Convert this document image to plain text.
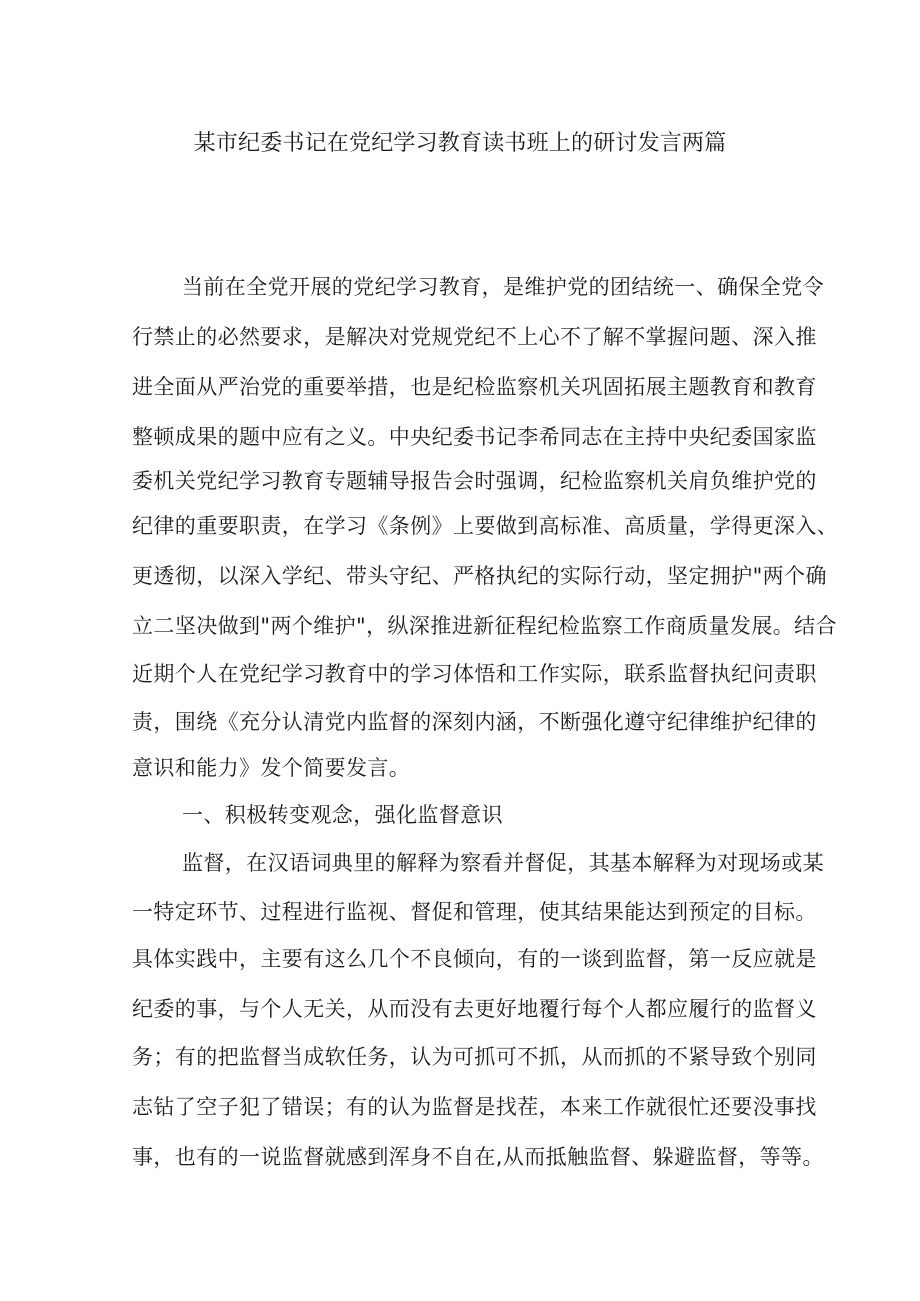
某市纪委书记在党纪学习教育读书班上的研讨发言两篇
当前在全党开展的党纪学习教育，是维护党的团结统一、确保全党令
行禁止的必然要求，是解决对党规党纪不上心不了解不掌握问题、深入推
进全面从严治党的重要举措，也是纪检监察机关巩固拓展主题教育和教育
整顿成果的题中应有之义。中央纪委书记李希同志在主持中央纪委国家监
委机关党纪学习教育专题辅导报告会时强调，纪检监察机关肩负维护党的
纪律的重要职责，在学习《条例》上要做到高标准、高质量，学得更深入、
更透彻，以深入学纪、带头守纪、严格执纪的实际行动，坚定拥护"两个确
立二坚决做到"两个维护"，纵深推进新征程纪检监察工作商质量发展。结合
近期个人在党纪学习教育中的学习体悟和工作实际，联系监督执纪问责职
责，围绕《充分认清党内监督的深刻内涵，不断强化遵守纪律维护纪律的
意识和能力》发个简要发言。
一、积极转变观念，强化监督意识
监督，在汉语词典里的解释为察看并督促，其基本解释为对现场或某
一特定环节、过程进行监视、督促和管理，使其结果能达到预定的目标。
具体实践中，主要有这么几个不良倾向，有的一谈到监督，第一反应就是
纪委的事，与个人无关，从而没有去更好地覆行每个人都应履行的监督义
务；有的把监督当成软任务，认为可抓可不抓，从而抓的不紧导致个别同
志钻了空子犯了错误；有的认为监督是找茬，本来工作就很忙还要没事找
事，也有的一说监督就感到浑身不自在,从而抵触监督、躲避监督，等等。
